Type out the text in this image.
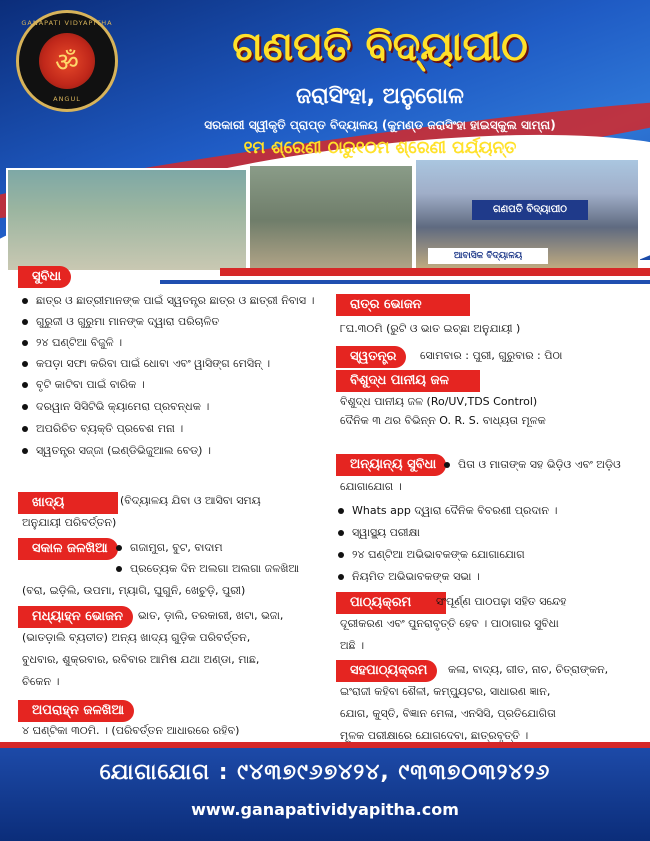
GANAPATI VIDYAPITHA
ॐ
ANGUL
ଗଣପତି ବିଦ୍ୟାପୀଠ
ଜରାସିଂହା, ଅନୁଗୋଳ
ସରକାରୀ ସ୍ୱୀକୃତି ପ୍ରାପ୍ତ ବିଦ୍ୟାଳୟ (କୁମଣ୍ଡ ଜରାସିଂହା ହାଇସ୍କୁଲ ସାମ୍ନା)
୧ମ ଶ୍ରେଣୀ ଠାରୁ୧୦ମ ଶ୍ରେଣୀ ପର୍ଯ୍ୟନ୍ତ
ଗଣପତି ବିଦ୍ୟାପୀଠ
ଆବାସିକ ବିଦ୍ୟାଳୟ
ସୁବିଧା
ଛାତ୍ର ଓ ଛାତ୍ରୀମାନଙ୍କ ପାଇଁ ସ୍ୱତନ୍ତ୍ର ଛାତ୍ର ଓ ଛାତ୍ରୀ ନିବାସ ।
ଗୁରୁଜୀ ଓ ଗୁରୁମା ମାନଙ୍କ ଦ୍ୱାରା ପରିଚାଳିତ
୨୪ ଘଣ୍ଟିଆ ବିଜୁଳି ।
କପଡ଼ା ସଫା କରିବା ପାଇଁ ଧୋବା ଏବଂ ୱାସିଙ୍ଗ ମେସିନ୍ ।
ବୃଟି କାଟିବା ପାଇଁ ବାରିକ ।
ଦରୱାନ ସିସିଟିଭି କ୍ୟାମେରା ପ୍ରବନ୍ଧକ ।
ଅପରିଚିତ ବ୍ୟକ୍ତି ପ୍ରବେଶ ମନା ।
ସ୍ୱତନ୍ତ୍ର ସଜ୍ଜା (ଇଣ୍ଡିଭିଜୁଆଲ ବେଡ୍) ।
ଖାଦ୍ୟ	(ବିଦ୍ୟାଳୟ ଯିବା ଓ ଆସିବା ସମୟ
ଅନୁଯାୟୀ ପରିବର୍ତ୍ତନ)
ସକାଳ ଜଳଖିଆ	ଗଜାମୁଗ, ବୁଟ, ବାଦାମ
ପ୍ରତ୍ୟେକ ଦିନ ଅଲଗା ଅଲଗା ଜଳଖିଆ
(ବରା, ଇଡ଼ିଲି, ଉପମା, ମ୍ୟାଗି, ଘୁଗୁନି, ଖେଚୁଡ଼ି, ପୁରୀ)
ମଧ୍ୟାହ୍ନ ଭୋଜନ	ଭାତ, ଡ଼ାଲି, ତରକାରୀ, ଖଟା, ଭଜା,
(ଭାତଡ଼ାଲି ବ୍ୟତୀତ) ଅନ୍ୟ ଖାଦ୍ୟ ଗୁଡ଼ିକ ପରିବର୍ତ୍ତନ,
ବୁଧବାର, ଶୁକ୍ରବାର, ରବିବାର ଆମିଷ ଯଥା ଅଣ୍ଡା, ମାଛ,
ଚିକେନ ।
ଅପରାହ୍ନ ଜଳଖିଆ
୪ ଘଣ୍ଟିକା ୩୦ମି. । (ପରିବର୍ତ୍ତନ ଆଧାରରେ ରହିବ)
ରାତ୍ର ଭୋଜନ
୮ଘ.୩୦ମି (ରୁଟି ଓ ଭାତ ଇଚ୍ଛା ଅନୁଯାୟୀ )
ସ୍ୱତନ୍ତ୍ର	ସୋମବାର : ପୁରୀ, ଗୁରୁବାର : ପିଠା
ବିଶୁଦ୍ଧ ପାନୀୟ ଜଳ
ବିଶୁଦ୍ଧ ପାନୀୟ ଜଳ (Ro/UV,TDS Control)
ଦୈନିକ ୩ ଥର ବିଭିନ୍ନ O. R. S. ବାଧ୍ୟତା ମୂଳକ
ଅନ୍ୟାନ୍ୟ ସୁବିଧା	ପିତା ଓ ମାତାଙ୍କ ସହ ଭିଡ଼ିଓ ଏବଂ ଅଡ଼ିଓ
ଯୋଗାଯୋଗ ।
Whats app ଦ୍ୱାରା ଦୈନିକ ବିବରଣୀ ପ୍ରଦାନ ।
ସ୍ୱାସ୍ଥ୍ୟ ପରୀକ୍ଷା
୨୪ ଘଣ୍ଟିଆ ଅଭିଭାବକଙ୍କ ଯୋଗାଯୋଗ
ନିୟମିତ ଅଭିଭାବକଙ୍କ ସଭା ।
ପାଠ୍ୟକ୍ରମ	ସଂପୂର୍ଣ୍ଣ ପାଠପଢ଼ା ସହିତ ସନ୍ଦେହ
ଦୂରୀକରଣ ଏବଂ ପୁନରାବୃତ୍ତି ହେବ । ପାଠାଗାର ସୁବିଧା
ଅଛି ।
ସହପାଠ୍ୟକ୍ରମ	କଳା, ବାଦ୍ୟ, ଗୀତ, ନାଚ, ଚିତ୍ରାଙ୍କନ,
ଇଂରାଜୀ କହିବା ଶୈଳୀ, କମ୍ପ୍ୟୁଟର, ସାଧାରଣ ଜ୍ଞାନ,
ଯୋଗ, କୁସ୍ତି, ବିଜ୍ଞାନ ମେଳା, ଏନସିସି, ପ୍ରତିଯୋଗିତା
ମୂଳକ ପରୀକ୍ଷାରେ ଯୋଗଦେବା, ଛାତ୍ରବୃତ୍ତି ।
ଯୋଗାଯୋଗ : ୯୪୩୭୯୬୭୪୨୪, ୯୩୩୭୦୩୨୪୨୬
www.ganapatividyapitha.com
